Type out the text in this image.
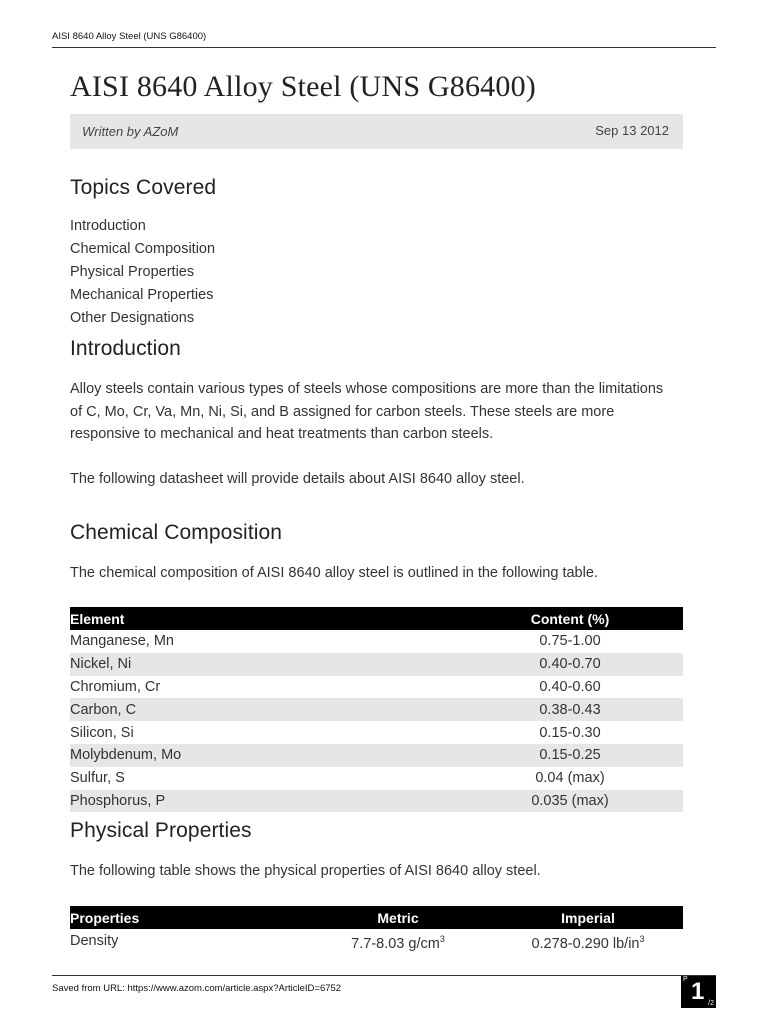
AISI 8640 Alloy Steel (UNS G86400)
AISI 8640 Alloy Steel (UNS G86400)
Written by AZoM	Sep 13 2012
Topics Covered
Introduction
Chemical Composition
Physical Properties
Mechanical Properties
Other Designations
Introduction

Alloy steels contain various types of steels whose compositions are more than the limitations of C, Mo, Cr, Va, Mn, Ni, Si, and B assigned for carbon steels. These steels are more responsive to mechanical and heat treatments than carbon steels.

The following datasheet will provide details about AISI 8640 alloy steel.

Chemical Composition

The chemical composition of AISI 8640 alloy steel is outlined in the following table.

Element	Content (%)
Manganese, Mn	0.75-1.00
Nickel, Ni	0.40-0.70
Chromium, Cr	0.40-0.60
Carbon, C	0.38-0.43
Silicon, Si	0.15-0.30
Molybdenum, Mo	0.15-0.25
Sulfur, S	0.04 (max)
Phosphorus, P	0.035 (max)
Physical Properties

The following table shows the physical properties of AISI 8640 alloy steel.

Properties	Metric	Imperial
Density	7.7-8.03 $g/cm^3$	0.278-0.290 $lb/in^3$
Saved from URL: https://www.azom.com/article.aspx?ArticleID=6752
P 1 /2
